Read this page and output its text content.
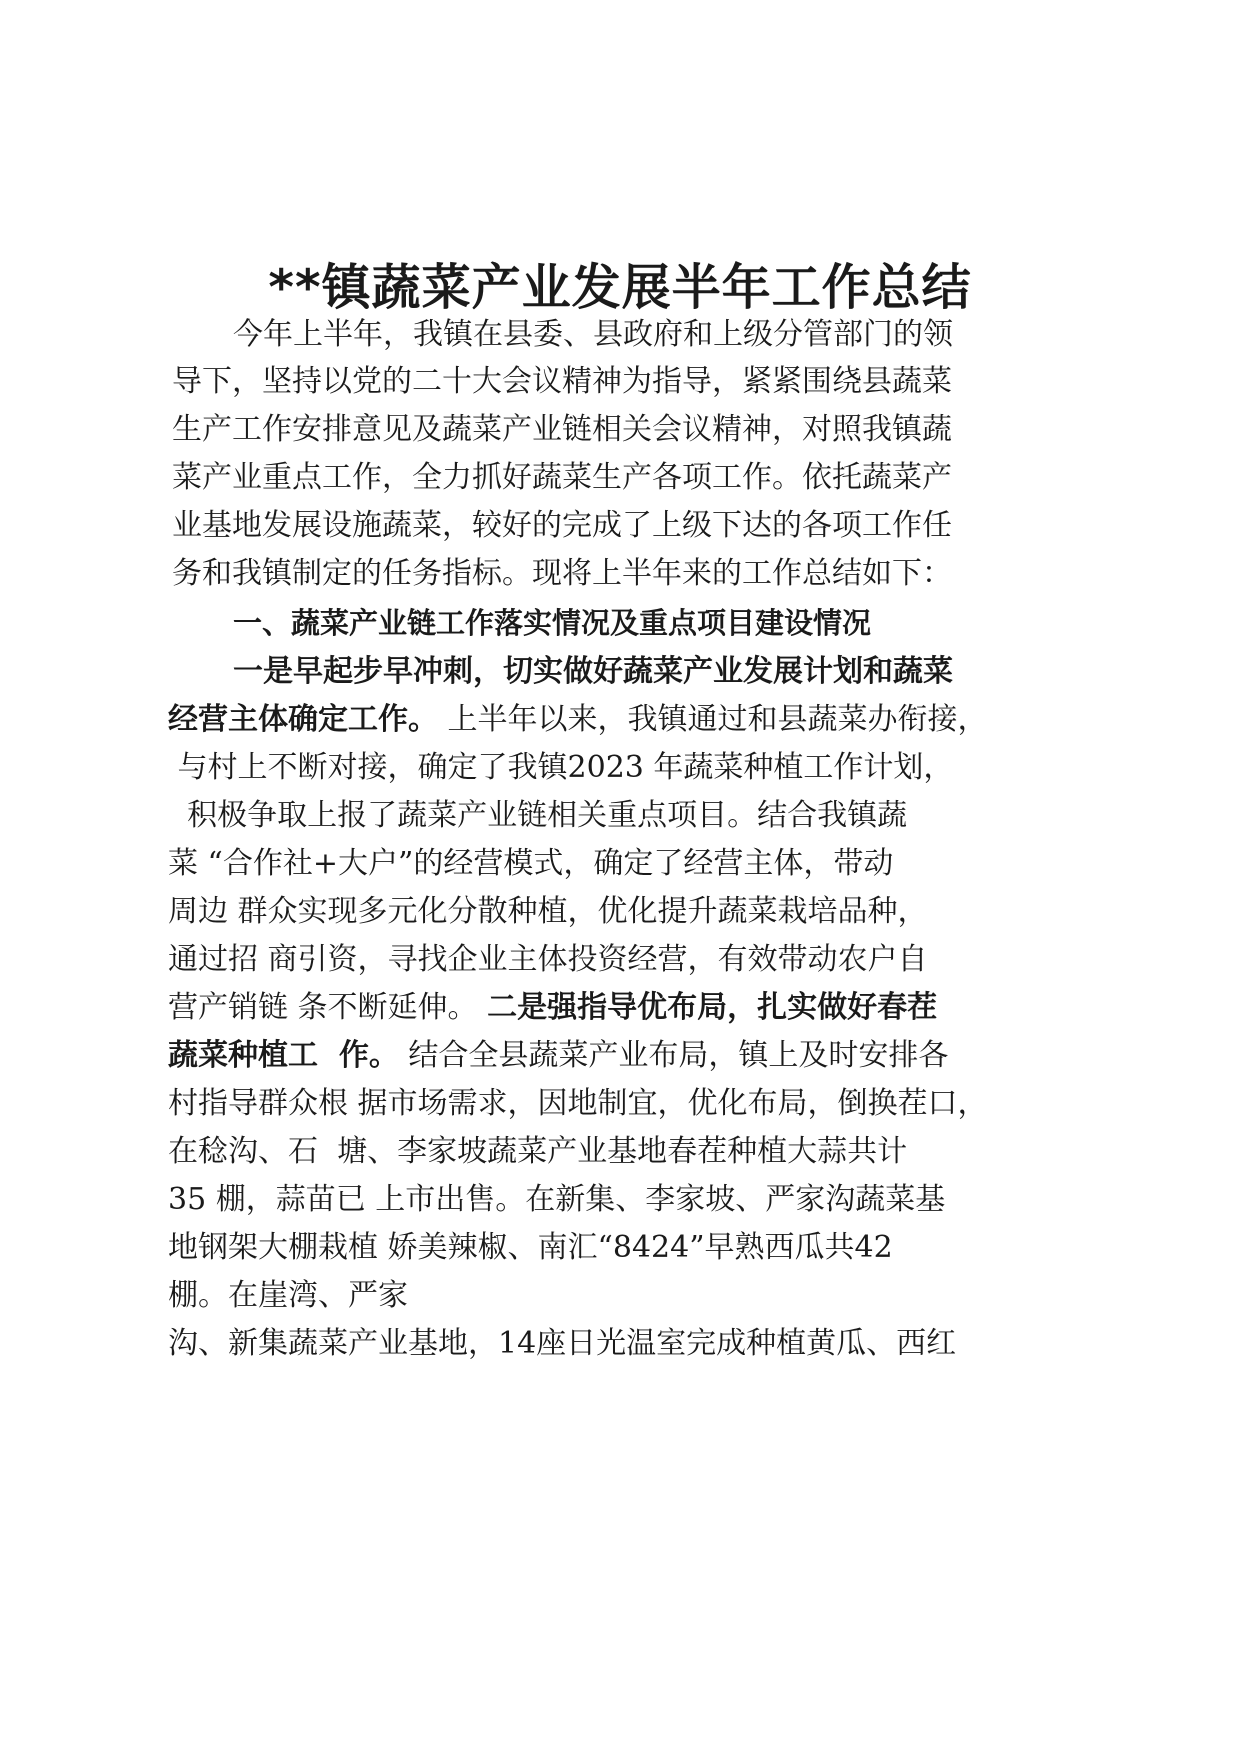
**镇蔬菜产业发展半年工作总结

今年上半年，我镇在县委、县政府和上级分管部门的领

导下，坚持以党的二十大会议精神为指导，紧紧围绕县蔬菜

生产工作安排意见及蔬菜产业链相关会议精神，对照我镇蔬

菜产业重点工作，全力抓好蔬菜生产各项工作。依托蔬菜产

业基地发展设施蔬菜，较好的完成了上级下达的各项工作任

务和我镇制定的任务指标。现将上半年来的工作总结如下：

一、蔬菜产业链工作落实情况及重点项目建设情况

一是早起步早冲刺，切实做好蔬菜产业发展计划和蔬菜

经营主体确定工作。 上半年以来，我镇通过和县蔬菜办衔接，

与村上不断对接，确定了我镇2023 年蔬菜种植工作计划，

积极争取上报了蔬菜产业链相关重点项目。结合我镇蔬

菜 “合作社+大户”的经营模式，确定了经营主体，带动

周边 群众实现多元化分散种植，优化提升蔬菜栽培品种，

通过招 商引资，寻找企业主体投资经营，有效带动农户自

营产销链 条不断延伸。 二是强指导优布局，扎实做好春茬

蔬菜种植工  作。 结合全县蔬菜产业布局，镇上及时安排各

村指导群众根 据市场需求，因地制宜，优化布局，倒换茬口，

在稔沟、石  塘、李家坡蔬菜产业基地春茬种植大蒜共计

35 棚，蒜苗已 上市出售。在新集、李家坡、严家沟蔬菜基

地钢架大棚栽植 娇美辣椒、南汇“8424”早熟西瓜共42

棚。在崖湾、严家

沟、新集蔬菜产业基地，14座日光温室完成种植黄瓜、西红
